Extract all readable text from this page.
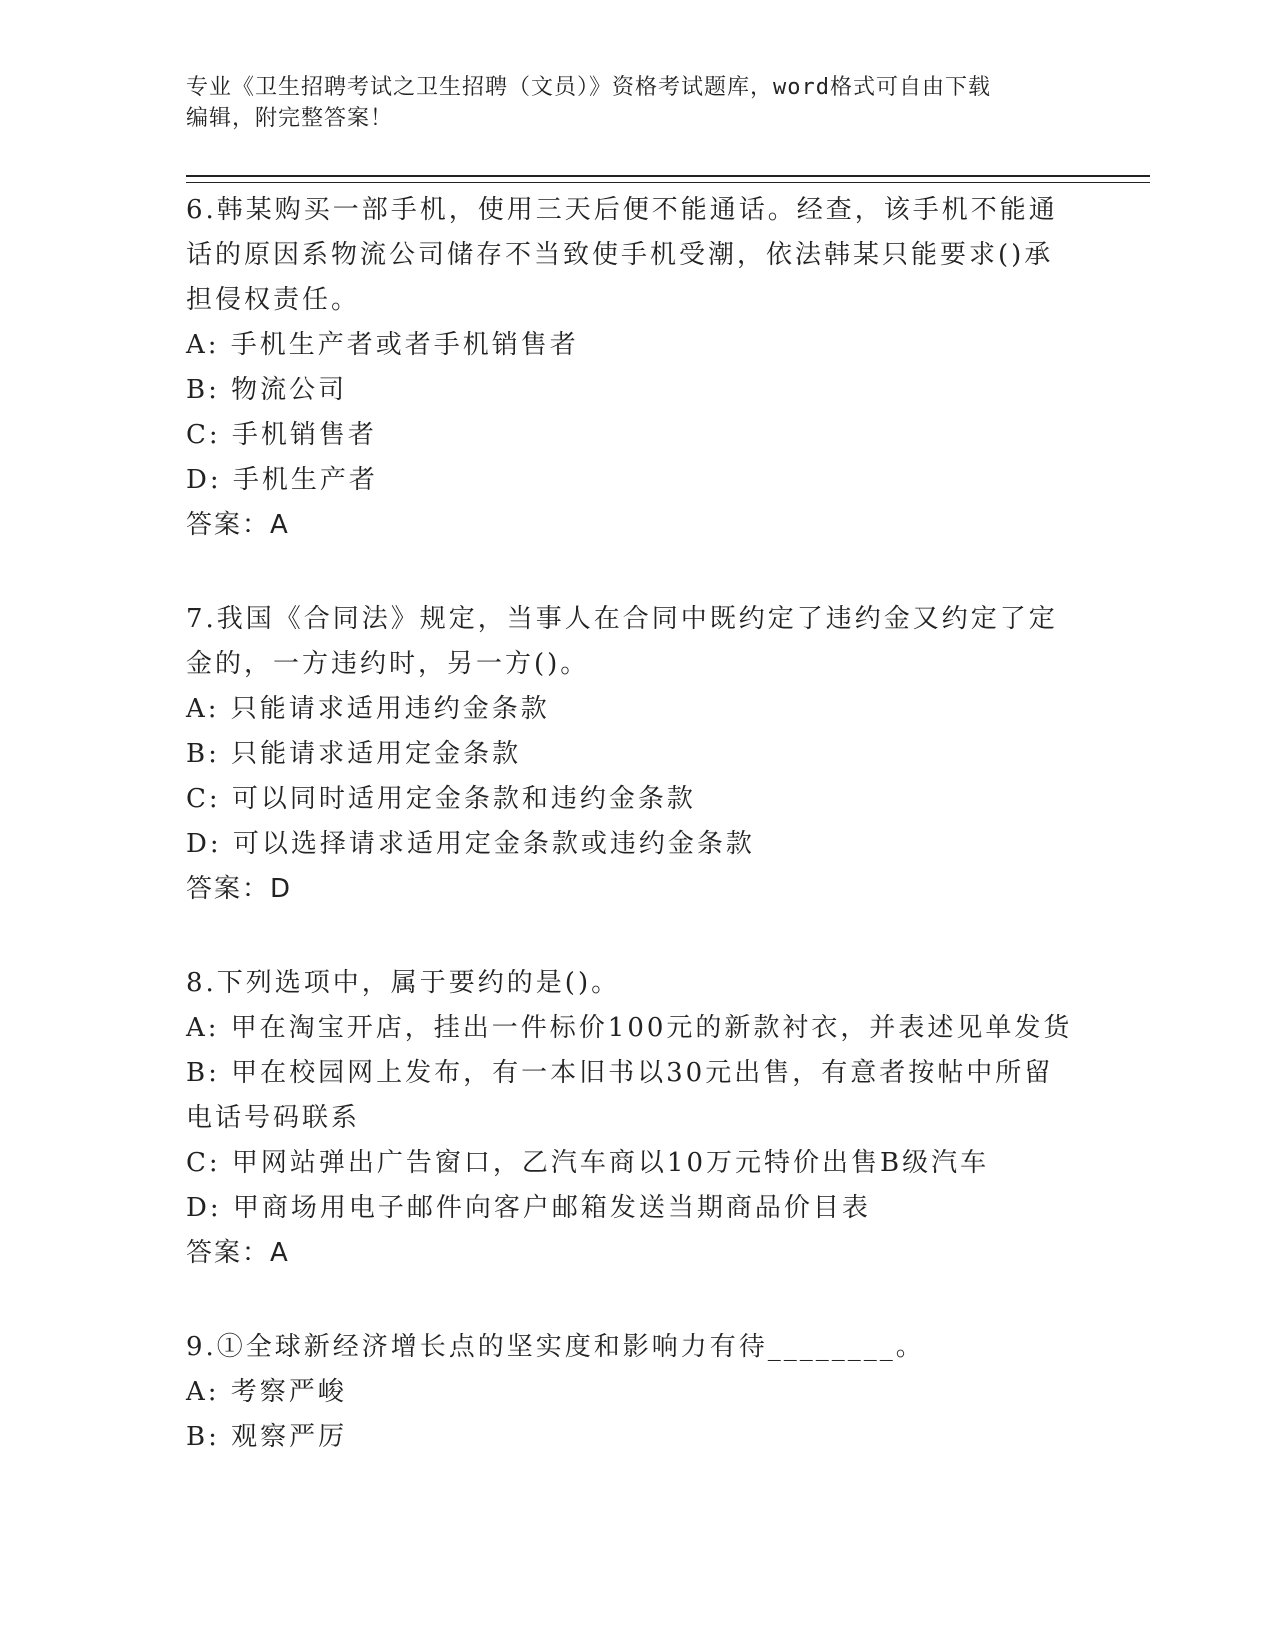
专业《卫生招聘考试之卫生招聘（文员）》资格考试题库，word格式可自由下载
编辑，附完整答案！
6.韩某购买一部手机，使用三天后便不能通话。经查，该手机不能通
话的原因系物流公司储存不当致使手机受潮，依法韩某只能要求()承
担侵权责任。
A: 手机生产者或者手机销售者
B: 物流公司
C: 手机销售者
D: 手机生产者
答案：A
7.我国《合同法》规定，当事人在合同中既约定了违约金又约定了定
金的，一方违约时，另一方()。
A: 只能请求适用违约金条款
B: 只能请求适用定金条款
C: 可以同时适用定金条款和违约金条款
D: 可以选择请求适用定金条款或违约金条款
答案：D
8.下列选项中，属于要约的是()。
A: 甲在淘宝开店，挂出一件标价100元的新款衬衣，并表述见单发货
B: 甲在校园网上发布，有一本旧书以30元出售，有意者按帖中所留
电话号码联系
C: 甲网站弹出广告窗口，乙汽车商以10万元特价出售B级汽车
D: 甲商场用电子邮件向客户邮箱发送当期商品价目表
答案：A
9.①全球新经济增长点的坚实度和影响力有待________。
A: 考察严峻
B: 观察严厉
